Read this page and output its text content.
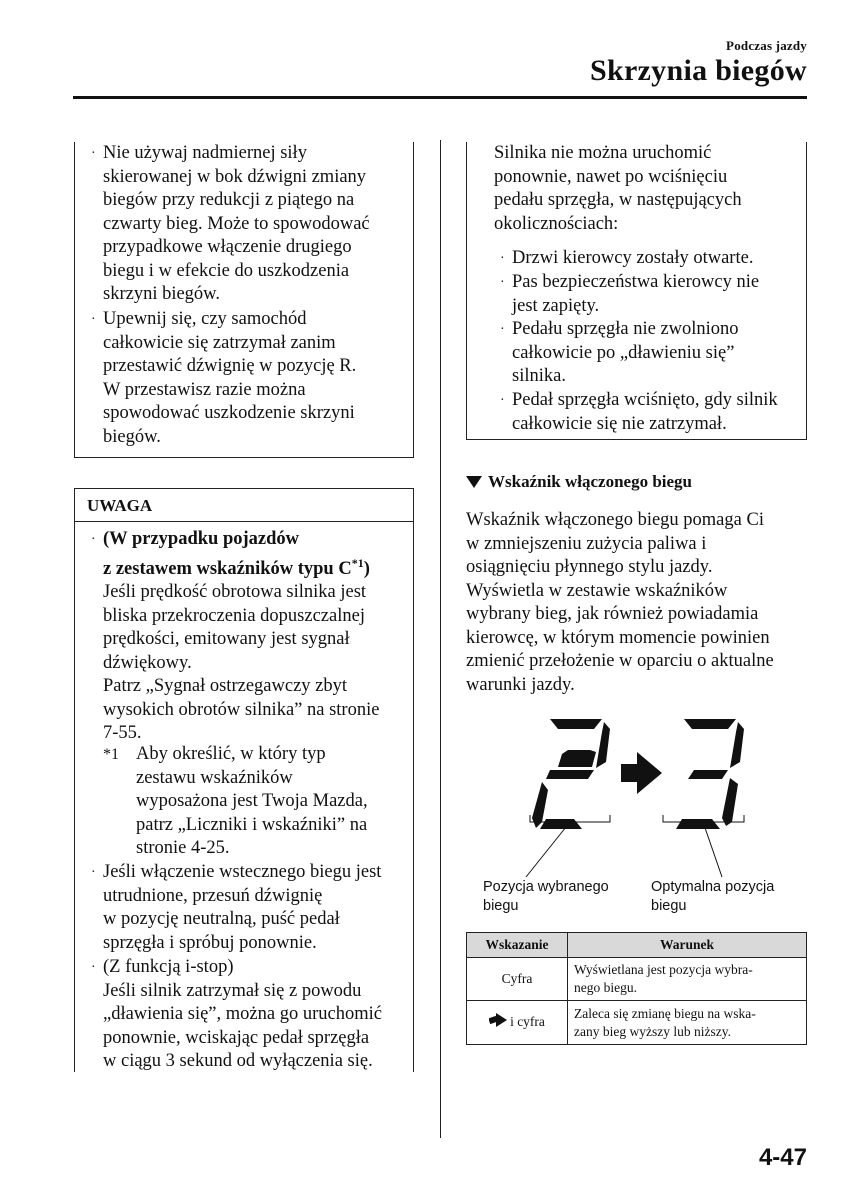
Podczas jazdy
Skrzynia biegów
· Nie używaj nadmiernej siły
skierowanej w bok dźwigni zmiany
biegów przy redukcji z piątego na
czwarty bieg. Może to spowodować
przypadkowe włączenie drugiego
biegu i w efekcie do uszkodzenia
skrzyni biegów.
· Upewnij się, czy samochód
całkowicie się zatrzymał zanim
przestawić dźwignię w pozycję R.
W przestawisz razie można
spowodować uszkodzenie skrzyni
biegów.
UWAGA
· (W przypadku pojazdów
z zestawem wskaźników typu $C^{*1}$)
Jeśli prędkość obrotowa silnika jest
bliska przekroczenia dopuszczalnej
prędkości, emitowany jest sygnał
dźwiękowy.
Patrz „Sygnał ostrzegawczy zbyt
wysokich obrotów silnika” na stronie
7-55.
*1 Aby określić, w który typ
zestawu wskaźników
wyposażona jest Twoja Mazda,
patrz „Liczniki i wskaźniki” na
stronie 4-25.
· Jeśli włączenie wstecznego biegu jest
utrudnione, przesuń dźwignię
w pozycję neutralną, puść pedał
sprzęgła i spróbuj ponownie.
· (Z funkcją i-stop)
Jeśli silnik zatrzymał się z powodu
„dławienia się”, można go uruchomić
ponownie, wciskając pedał sprzęgła
w ciągu 3 sekund od wyłączenia się.
Silnika nie można uruchomić
ponownie, nawet po wciśnięciu
pedału sprzęgła, w następujących
okolicznościach:
· Drzwi kierowcy zostały otwarte.
· Pas bezpieczeństwa kierowcy nie
jest zapięty.
· Pedału sprzęgła nie zwolniono
całkowicie po „dławieniu się”
silnika.
· Pedał sprzęgła wciśnięto, gdy silnik
całkowicie się nie zatrzymał.
Wskaźnik włączonego biegu
Wskaźnik włączonego biegu pomaga Ci
w zmniejszeniu zużycia paliwa i
osiągnięciu płynnego stylu jazdy.
Wyświetla w zestawie wskaźników
wybrany bieg, jak również powiadamia
kierowcę, w którym momencie powinien
zmienić przełożenie w oparciu o aktualne
warunki jazdy.
Pozycja wybranego
biegu
Optymalna pozycja
biegu
Wskazanie	Warunek
Cyfra	Wyświetlana jest pozycja wybra-
nego biegu.

i cyfra	Zaleca się zmianę biegu na wska-
zany bieg wyższy lub niższy.
4-47
